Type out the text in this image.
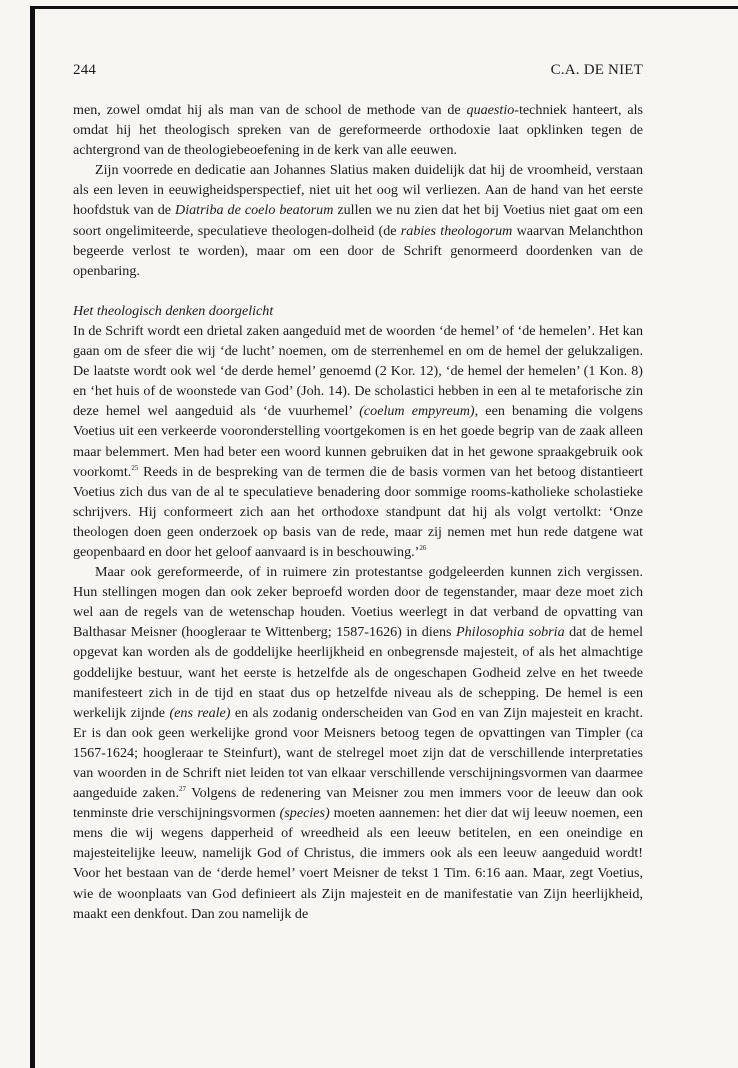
244	C.A. DE NIET

men, zowel omdat hij als man van de school de methode van de quaestio-techniek hanteert, als omdat hij het theologisch spreken van de gereformeerde orthodoxie laat opklinken tegen de achtergrond van de theologiebeoefening in de kerk van alle eeuwen.

Zijn voorrede en dedicatie aan Johannes Slatius maken duidelijk dat hij de vroomheid, verstaan als een leven in eeuwigheidsperspectief, niet uit het oog wil verliezen. Aan de hand van het eerste hoofdstuk van de Diatriba de coelo beatorum zullen we nu zien dat het bij Voetius niet gaat om een soort ongelimiteerde, speculatieve theologen-dolheid (de rabies theologorum waarvan Melanchthon begeerde verlost te worden), maar om een door de Schrift genormeerd doordenken van de openbaring.

Het theologisch denken doorgelicht

In de Schrift wordt een drietal zaken aangeduid met de woorden ‘de hemel’ of ‘de hemelen’. Het kan gaan om de sfeer die wij ‘de lucht’ noemen, om de sterrenhemel en om de hemel der gelukzaligen. De laatste wordt ook wel ‘de derde hemel’ genoemd (2 Kor. 12), ‘de hemel der hemelen’ (1 Kon. 8) en ‘het huis of de woonstede van God’ (Joh. 14). De scholastici hebben in een al te metaforische zin deze hemel wel aangeduid als ‘de vuurhemel’ (coelum empyreum), een benaming die volgens Voetius uit een verkeerde vooronderstelling voortgekomen is en het goede begrip van de zaak alleen maar belemmert. Men had beter een woord kunnen gebruiken dat in het gewone spraakgebruik ook voorkomt.$^{25}$ Reeds in de bespreking van de termen die de basis vormen van het betoog distantieert Voetius zich dus van de al te speculatieve benadering door sommige rooms-katholieke scholastieke schrijvers. Hij conformeert zich aan het orthodoxe standpunt dat hij als volgt vertolkt: ‘Onze theologen doen geen onderzoek op basis van de rede, maar zij nemen met hun rede datgene wat geopenbaard en door het geloof aanvaard is in beschouwing.’$^{26}$

Maar ook gereformeerde, of in ruimere zin protestantse godgeleerden kunnen zich vergissen. Hun stellingen mogen dan ook zeker beproefd worden door de tegenstander, maar deze moet zich wel aan de regels van de wetenschap houden. Voetius weerlegt in dat verband de opvatting van Balthasar Meisner (hoogleraar te Wittenberg; 1587-1626) in diens Philosophia sobria dat de hemel opgevat kan worden als de goddelijke heerlijkheid en onbegrensde majesteit, of als het almachtige goddelijke bestuur, want het eerste is hetzelfde als de ongeschapen Godheid zelve en het tweede manifesteert zich in de tijd en staat dus op hetzelfde niveau als de schepping. De hemel is een werkelijk zijnde (ens reale) en als zodanig onderscheiden van God en van Zijn majesteit en kracht. Er is dan ook geen werkelijke grond voor Meisners betoog tegen de opvattingen van Timpler (ca 1567-1624; hoogleraar te Steinfurt), want de stelregel moet zijn dat de verschillende interpretaties van woorden in de Schrift niet leiden tot van elkaar verschillende verschijningsvormen van daarmee aangeduide zaken.$^{27}$ Volgens de redenering van Meisner zou men immers voor de leeuw dan ook tenminste drie verschijningsvormen (species) moeten aannemen: het dier dat wij leeuw noemen, een mens die wij wegens dapperheid of wreedheid als een leeuw betitelen, en een oneindige en majesteitelijke leeuw, namelijk God of Christus, die immers ook als een leeuw aangeduid wordt! Voor het bestaan van de ‘derde hemel’ voert Meisner de tekst 1 Tim. 6:16 aan. Maar, zegt Voetius, wie de woonplaats van God definieert als Zijn majesteit en de manifestatie van Zijn heerlijkheid, maakt een denkfout. Dan zou namelijk de
